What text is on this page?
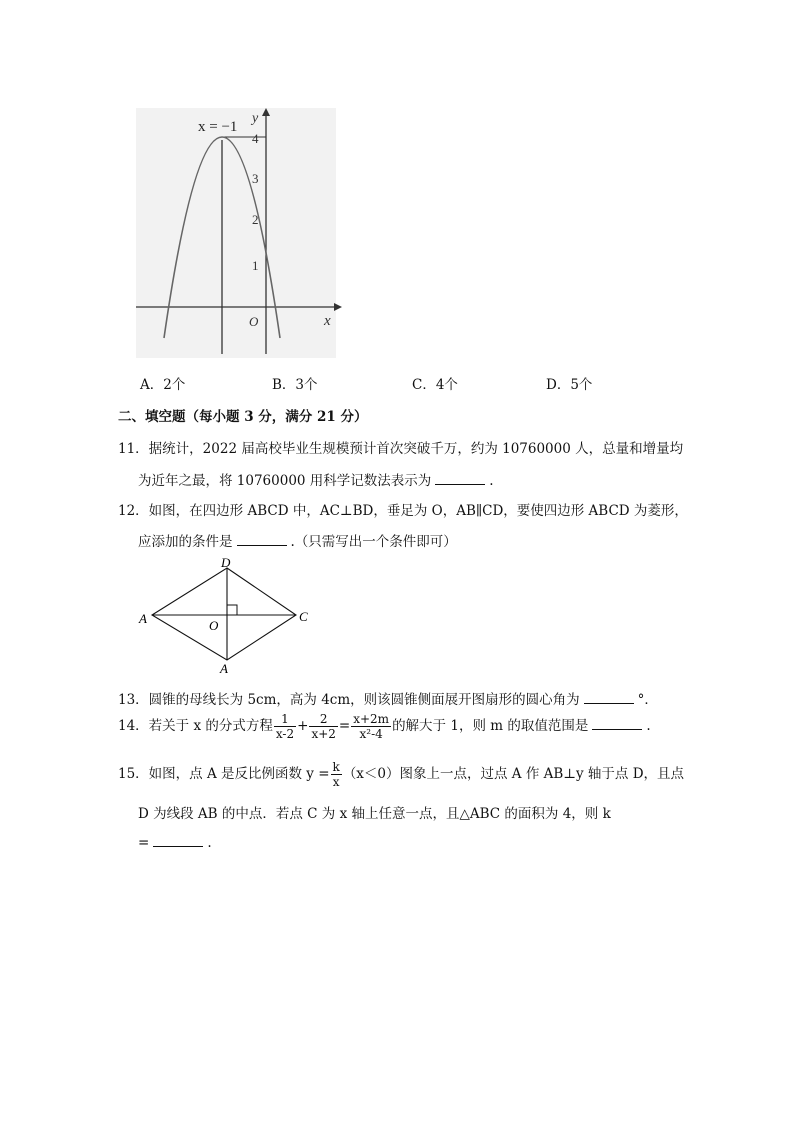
4
3
2
1
x = −1
y
x
O
A．2个	B．3个	C．4个	D．5个
二、填空题（每小题 3 分，满分 21 分）
11．据统计，2022 届高校毕业生规模预计首次突破千万，约为 10760000 人，总量和增量均
为近年之最，将 10760000 用科学记数法表示为	.
12．如图，在四边形 ABCD 中，AC⊥BD，垂足为 O，AB∥CD，要使四边形 ABCD 为菱形，
应添加的条件是	.（只需写出一个条件即可）
D
A	C
A
O
13．圆锥的母线长为 5cm，高为 4cm，则该圆锥侧面展开图扇形的圆心角为	°．
14．若关于 x 的分式方程 $\frac{1}{x-2} + \frac{2}{x+2} = \frac{x+2m}{\text{x²-4}}$ 的解大于 1，则 m 的取值范围是	.
15．如图，点 A 是反比例函数 $y = \frac{k}{x} (x<0)$图象上一点，过点 A 作 AB⊥y 轴于点 D，且点
D 为线段 AB 的中点．若点 C 为 x 轴上任意一点，且△ABC 的面积为 4，则 k
=	.
